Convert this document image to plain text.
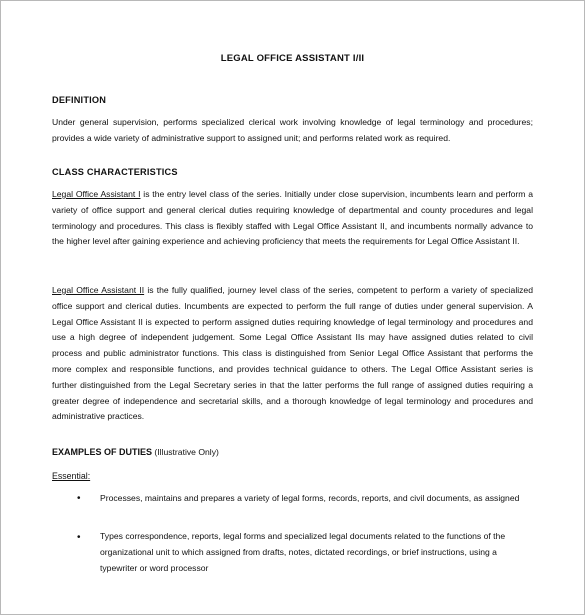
LEGAL OFFICE ASSISTANT I/II
DEFINITION
Under general supervision, performs specialized clerical work involving knowledge of legal terminology and procedures; provides a wide variety of administrative support to assigned unit; and performs related work as required.
CLASS CHARACTERISTICS
Legal Office Assistant I is the entry level class of the series. Initially under close supervision, incumbents learn and perform a variety of office support and general clerical duties requiring knowledge of departmental and county procedures and legal terminology and procedures. This class is flexibly staffed with Legal Office Assistant II, and incumbents normally advance to the higher level after gaining experience and achieving proficiency that meets the requirements for Legal Office Assistant II.
Legal Office Assistant II is the fully qualified, journey level class of the series, competent to perform a variety of specialized office support and clerical duties. Incumbents are expected to perform the full range of duties under general supervision. A Legal Office Assistant II is expected to perform assigned duties requiring knowledge of legal terminology and procedures and use a high degree of independent judgement. Some Legal Office Assistant IIs may have assigned duties related to civil process and public administrator functions. This class is distinguished from Senior Legal Office Assistant that performs the more complex and responsible functions, and provides technical guidance to others. The Legal Office Assistant series is further distinguished from the Legal Secretary series in that the latter performs the full range of assigned duties requiring a greater degree of independence and secretarial skills, and a thorough knowledge of legal terminology and procedures and administrative practices.
EXAMPLES OF DUTIES (Illustrative Only)
Essential:
• Processes, maintains and prepares a variety of legal forms, records, reports, and civil documents, as assigned
• Types correspondence, reports, legal forms and specialized legal documents related to the functions of the organizational unit to which assigned from drafts, notes, dictated recordings, or brief instructions, using a typewriter or word processor
